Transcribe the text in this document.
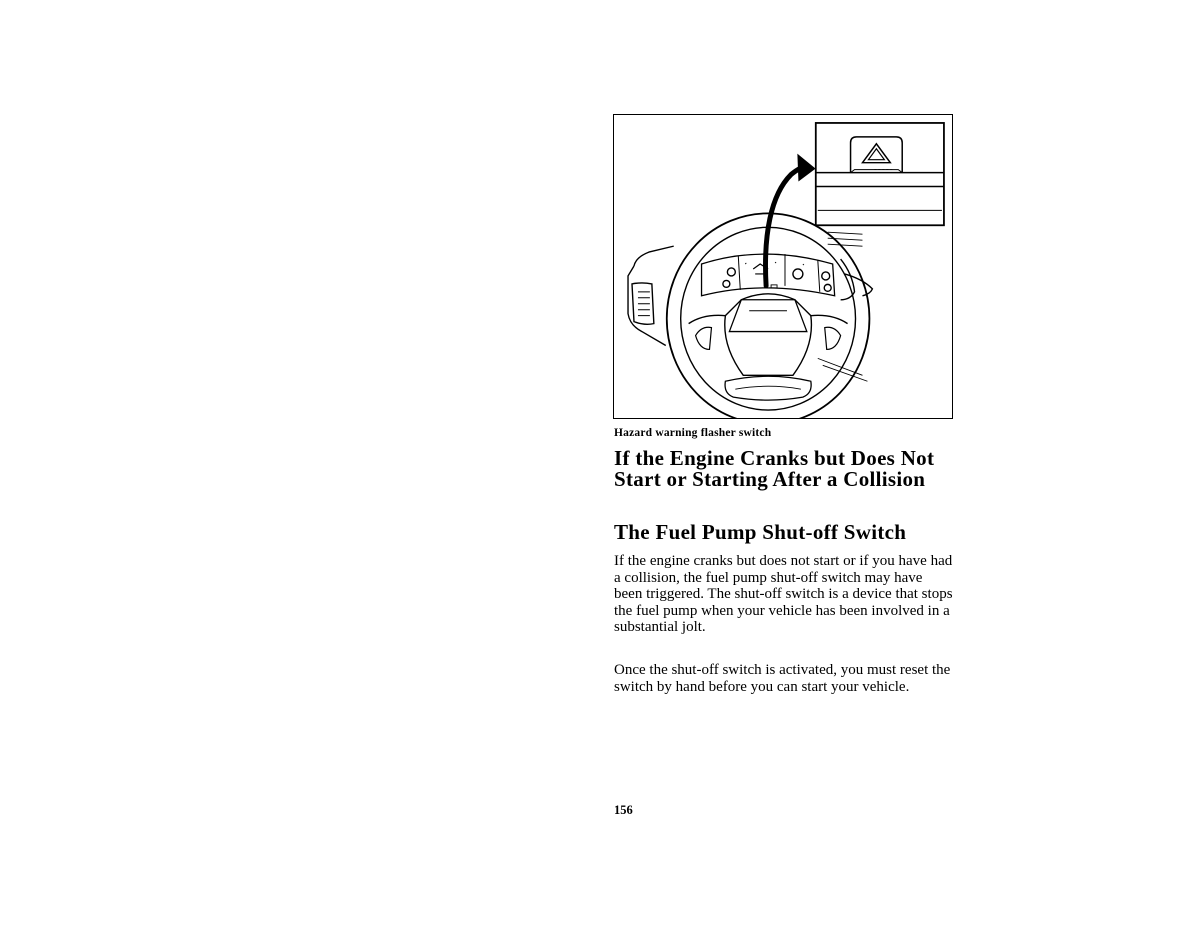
Hazard warning flasher switch
If the Engine Cranks but Does Not Start or Starting After a Collision
The Fuel Pump Shut-off Switch

If the engine cranks but does not start or if you have had a collision, the fuel pump shut-off switch may have been triggered. The shut-off switch is a device that stops the fuel pump when your vehicle has been involved in a substantial jolt.

Once the shut-off switch is activated, you must reset the switch by hand before you can start your vehicle.

156
